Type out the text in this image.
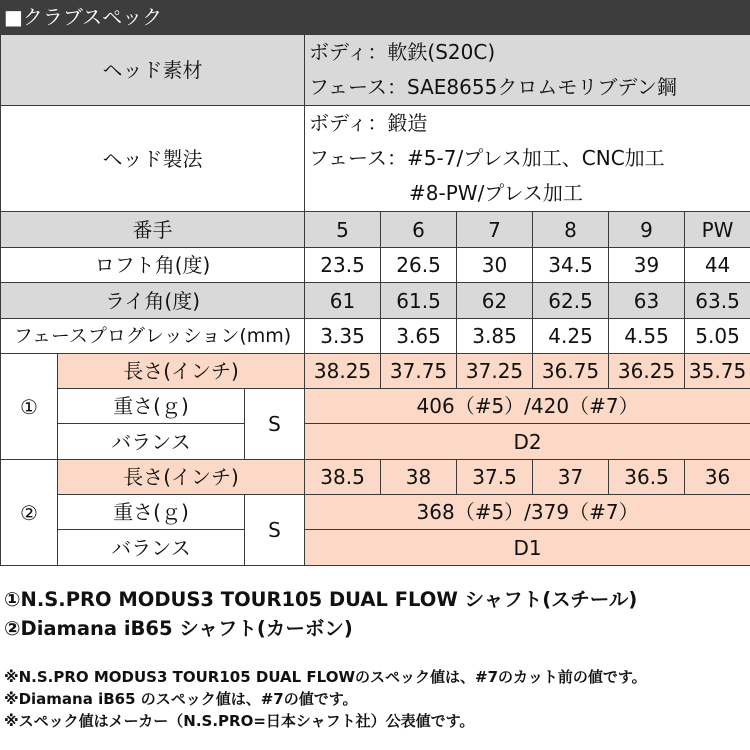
■クラブスペック
ヘッド素材			ボディ：軟鉄(S20C)
フェース：SAE8655クロムモリブデン鋼					

ヘッド製法			ボディ：鍛造
フェース：#5-7/プレス加工、CNC加工
　　　　　#8-PW/プレス加工					

番手			5	6	7	8	9	PW
ロフト角(度)			23.5	26.5	30	34.5	39	44
ライ角(度)			61	61.5	62	62.5	63	63.5
フェースプログレッション(mm)			3.35	3.65	3.85	4.25	4.55	5.05
①	長さ(インチ)		38.25	37.75	37.25	36.75	36.25	35.75
	重さ(ｇ)	S	406（#5）/420（#7）					
	バランス		D2					
②	長さ(インチ)		38.5	38	37.5	37	36.5	36
	重さ(ｇ)	S	368（#5）/379（#7）					
	バランス		D1					
①N.S.PRO MODUS3 TOUR105 DUAL FLOW シャフト(スチール)
②Diamana iB65 シャフト(カーボン)
※N.S.PRO MODUS3 TOUR105 DUAL FLOWのスペック値は、#7のカット前の値です。
※Diamana iB65 のスペック値は、#7の値です。
※スペック値はメーカー（N.S.PRO=日本シャフト社）公表値です。
